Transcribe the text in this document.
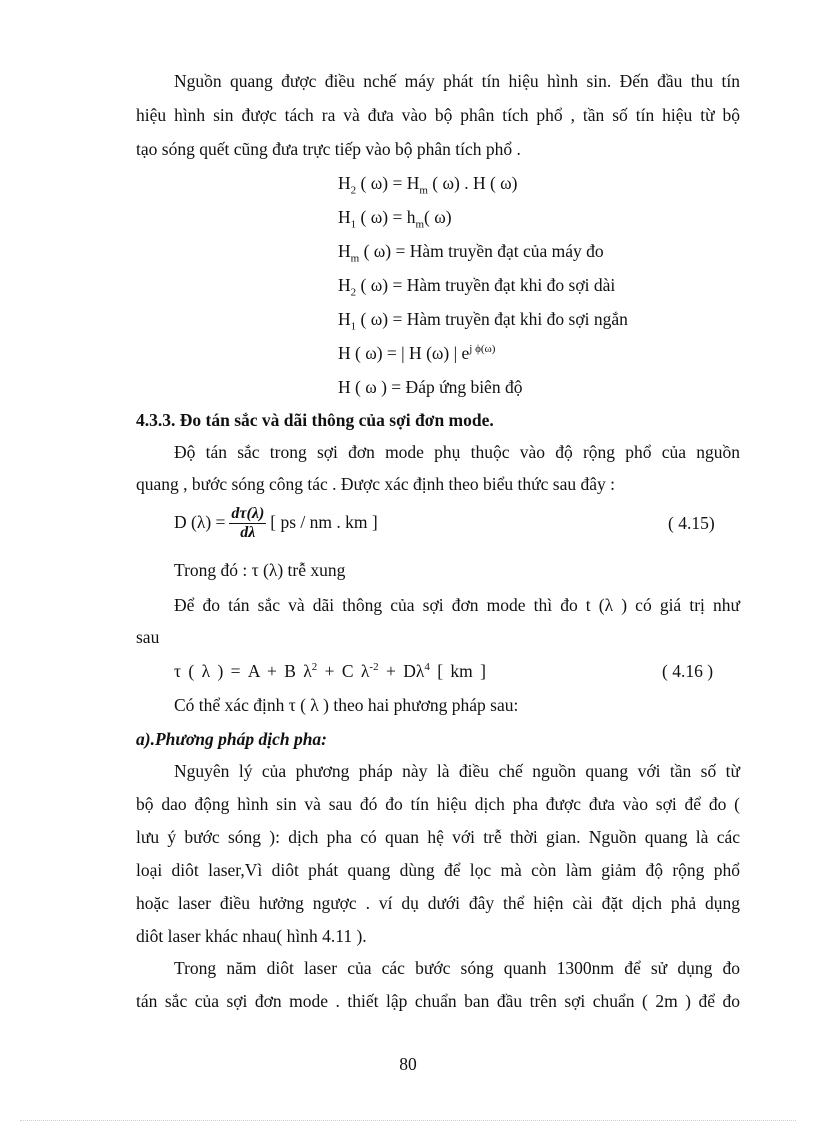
Nguồn quang được điều nchế máy phát tín hiệu hình sin. Đến đầu thu tín
hiệu hình sin được tách ra và đưa vào bộ phân tích phổ , tần số tín hiệu từ bộ
tạo sóng quết cũng đưa trực tiếp vào bộ phân tích phổ .
$H_2$ ( $\omega) = H_m$ ( ω) . H ( ω)
$H_1$ ( $\omega) = h_m$( ω)
$H_m$ ( ω) = Hàm truyền đạt của máy đo
$H_2$ ( ω) = Hàm truyền đạt khi đo sợi dài
$H_1$ ( ω) = Hàm truyền đạt khi đo sợi ngắn
H ( ω) = | H (ω) | $e^{j \phi(\omega)}$
H ( ω ) = Đáp ứng biên độ
4.3.3. Đo tán sắc và dãi thông của sợi đơn mode.
Độ tán sắc trong sợi đơn mode phụ thuộc vào độ rộng phổ của nguồn
quang , bước sóng công tác . Được xác định theo biểu thức sau đây :
D $(\lambda) = \frac{d\tau(\lambda)}{d\lambda}$ [ ps / nm . km ]	( 4.15)
Trong đó : τ (λ) trễ xung
Để đo tán sắc và dãi thông của sợi đơn mode thì đo t (λ ) có giá trị như
sau
τ ( λ ) = A + B $\lambda^2 + C$ $\lambda^{-2} + D\lambda^4$ [ km ]	( 4.16 )
Có thể xác định τ ( λ ) theo hai phương pháp sau:
a).Phương pháp dịch pha:
Nguyên lý của phương pháp này là điều chế nguồn quang với tần số từ
bộ dao động hình sin và sau đó đo tín hiệu dịch pha được đưa vào sợi để đo (
lưu ý bước sóng ): dịch pha có quan hệ với trễ thời gian. Nguồn quang là các
loại diôt laser,Vì diôt phát quang dùng để lọc mà còn làm giảm độ rộng phổ
hoặc laser điều hưởng ngược . ví dụ dưới đây thể hiện cài đặt dịch phả dụng
diôt laser khác nhau( hình 4.11 ).
Trong năm diôt laser của các bước sóng quanh 1300nm để sử dụng đo
tán sắc của sợi đơn mode . thiết lập chuẩn ban đầu trên sợi chuẩn ( 2m ) để đo
80
